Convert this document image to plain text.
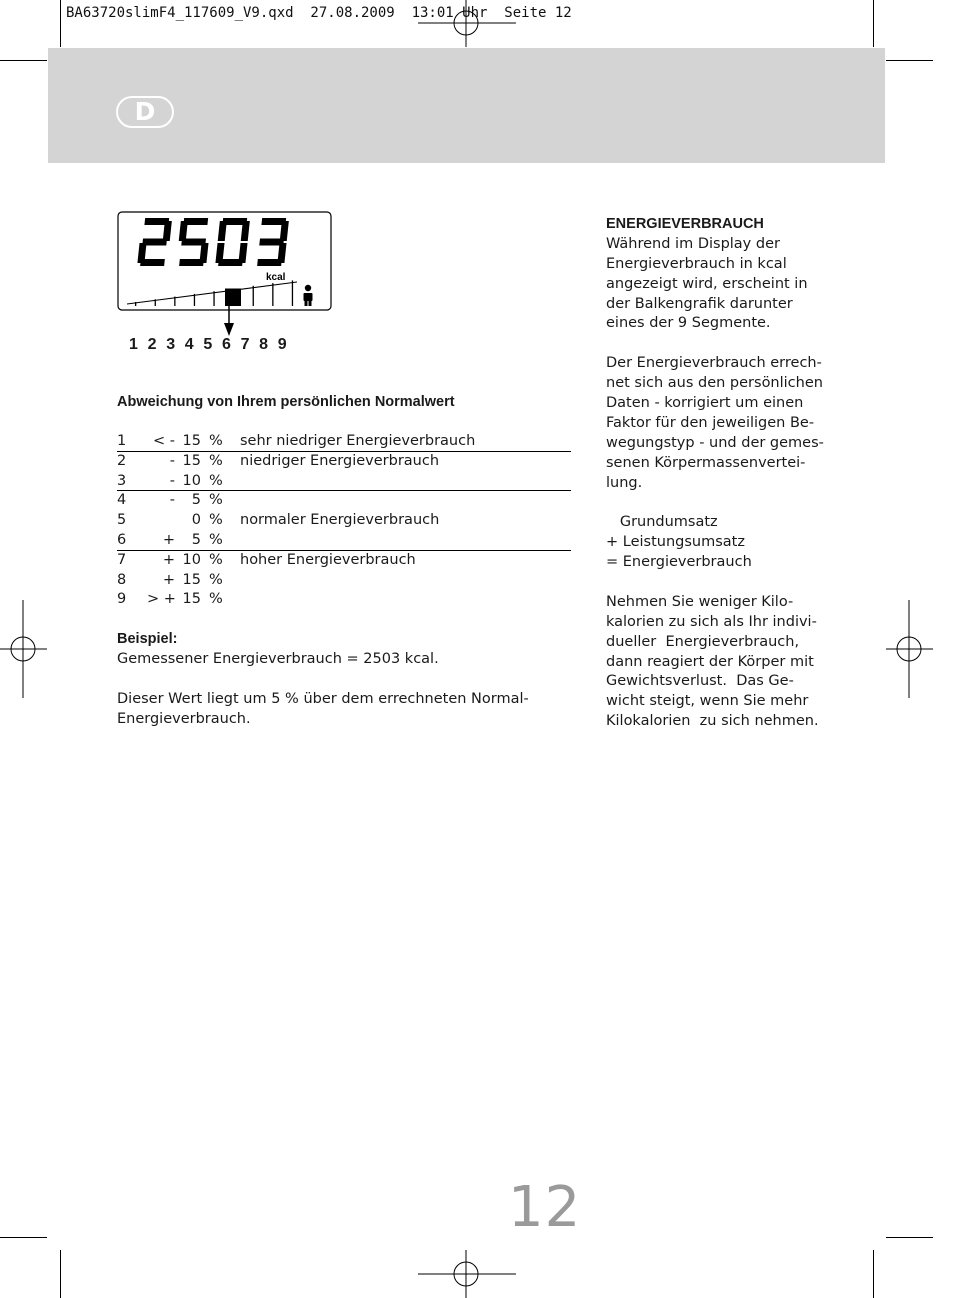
BA63720slimF4_117609_V9.qxd  27.08.2009  13:01 Uhr  Seite 12
D
kcal
1 2 3 4 5 6 7 8 9
Abweichung von Ihrem persönlichen Normalwert
1	< - 15 % sehr niedriger Energieverbrauch
2	- 15 % niedriger Energieverbrauch
3	- 10 %
4	-	5 %
5	0 % normaler Energieverbrauch
6	+	5 %
7	+ 10 % hoher Energieverbrauch
8	+ 15 %
9 > + 15 %

Beispiel:

Gemessener Energieverbrauch = 2503 kcal.

Dieser Wert liegt um 5 % über dem errechneten Normal-

Energieverbrauch.

ENERGIEVERBRAUCH
Während im Display der
Energieverbrauch in kcal
angezeigt wird, erscheint in
der Balkengrafik darunter
eines der 9 Segmente.
Der Energieverbrauch errech-
net sich aus den persönlichen
Daten - korrigiert um einen
Faktor für den jeweiligen Be-
wegungstyp - und der gemes-
senen Körpermassenvertei-
lung.
Grundumsatz
+ Leistungsumsatz
= Energieverbrauch
Nehmen Sie weniger Kilo-
kalorien zu sich als Ihr indivi-
dueller  Energieverbrauch,
dann reagiert der Körper mit
Gewichtsverlust.  Das Ge-
wicht steigt, wenn Sie mehr
Kilokalorien  zu sich nehmen.
12
